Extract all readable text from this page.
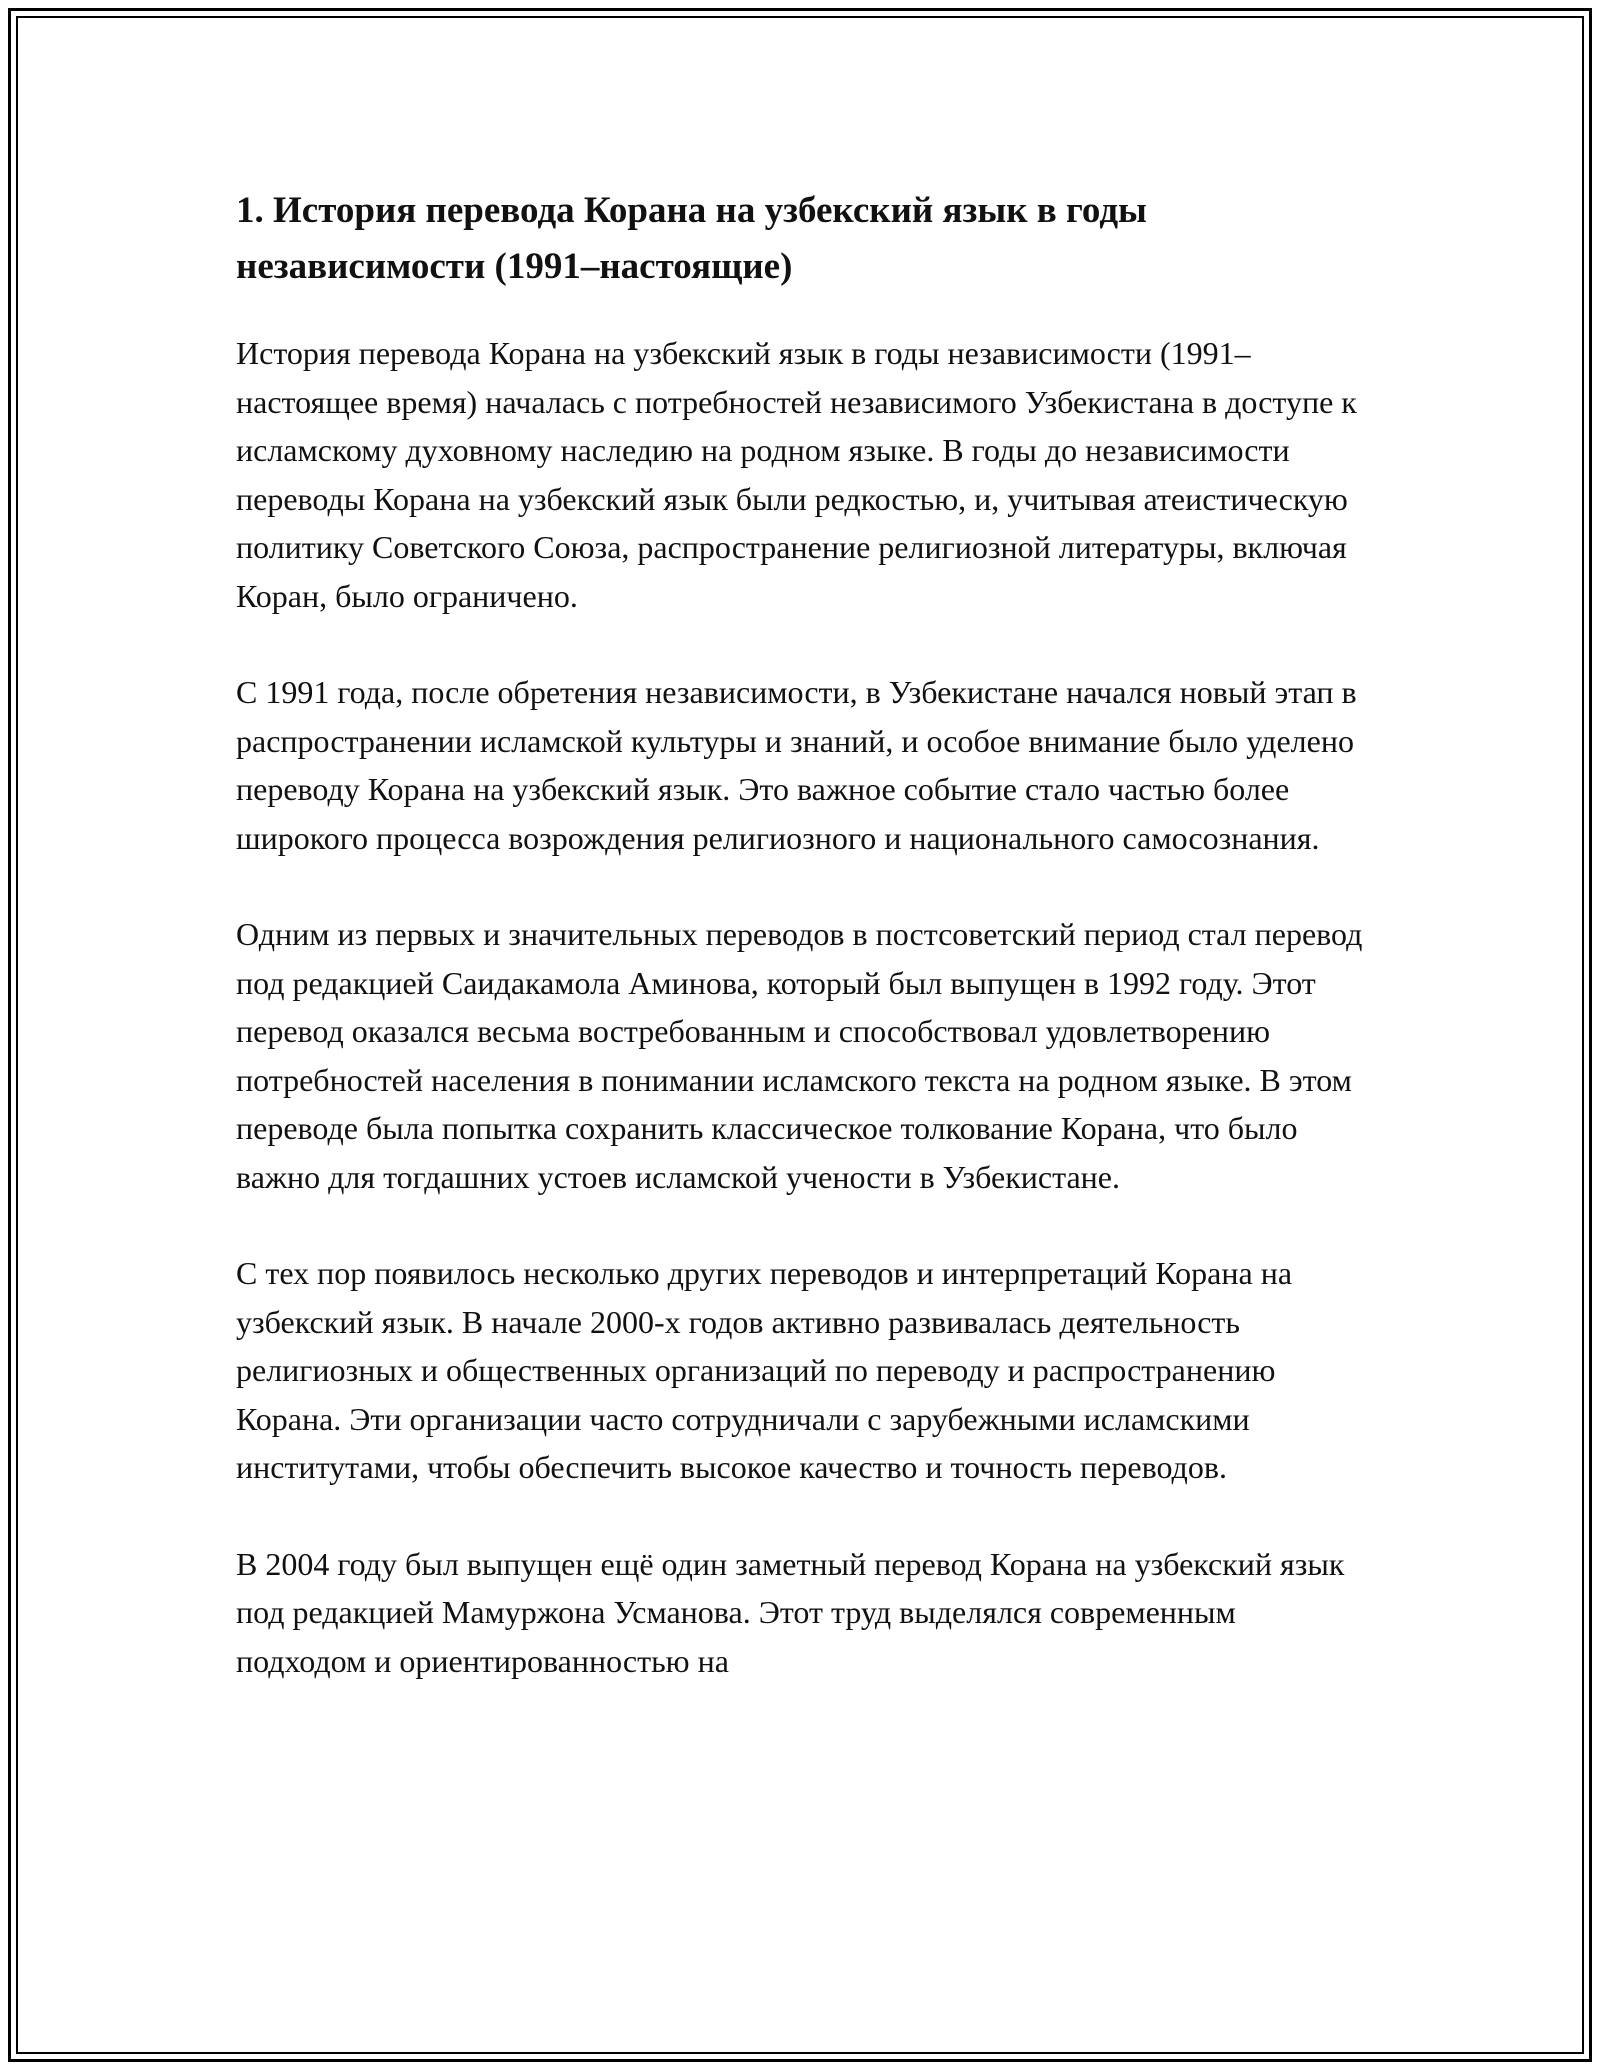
1. История перевода Корана на узбекский язык в годы независимости (1991–настоящие)

История перевода Корана на узбекский язык в годы независимости (1991–настоящее время) началась с потребностей независимого Узбекистана в доступе к исламскому духовному наследию на родном языке. В годы до независимости переводы Корана на узбекский язык были редкостью, и, учитывая атеистическую политику Советского Союза, распространение религиозной литературы, включая Коран, было ограничено.

С 1991 года, после обретения независимости, в Узбекистане начался новый этап в распространении исламской культуры и знаний, и особое внимание было уделено переводу Корана на узбекский язык. Это важное событие стало частью более широкого процесса возрождения религиозного и национального самосознания.

Одним из первых и значительных переводов в постсоветский период стал перевод под редакцией Саидакамола Аминова, который был выпущен в 1992 году. Этот перевод оказался весьма востребованным и способствовал удовлетворению потребностей населения в понимании исламского текста на родном языке. В этом переводе была попытка сохранить классическое толкование Корана, что было важно для тогдашних устоев исламской учености в Узбекистане.

С тех пор появилось несколько других переводов и интерпретаций Корана на узбекский язык. В начале 2000-х годов активно развивалась деятельность религиозных и общественных организаций по переводу и распространению Корана. Эти организации часто сотрудничали с зарубежными исламскими институтами, чтобы обеспечить высокое качество и точность переводов.

В 2004 году был выпущен ещё один заметный перевод Корана на узбекский язык под редакцией Мамуржона Усманова. Этот труд выделялся современным подходом и ориентированностью на
